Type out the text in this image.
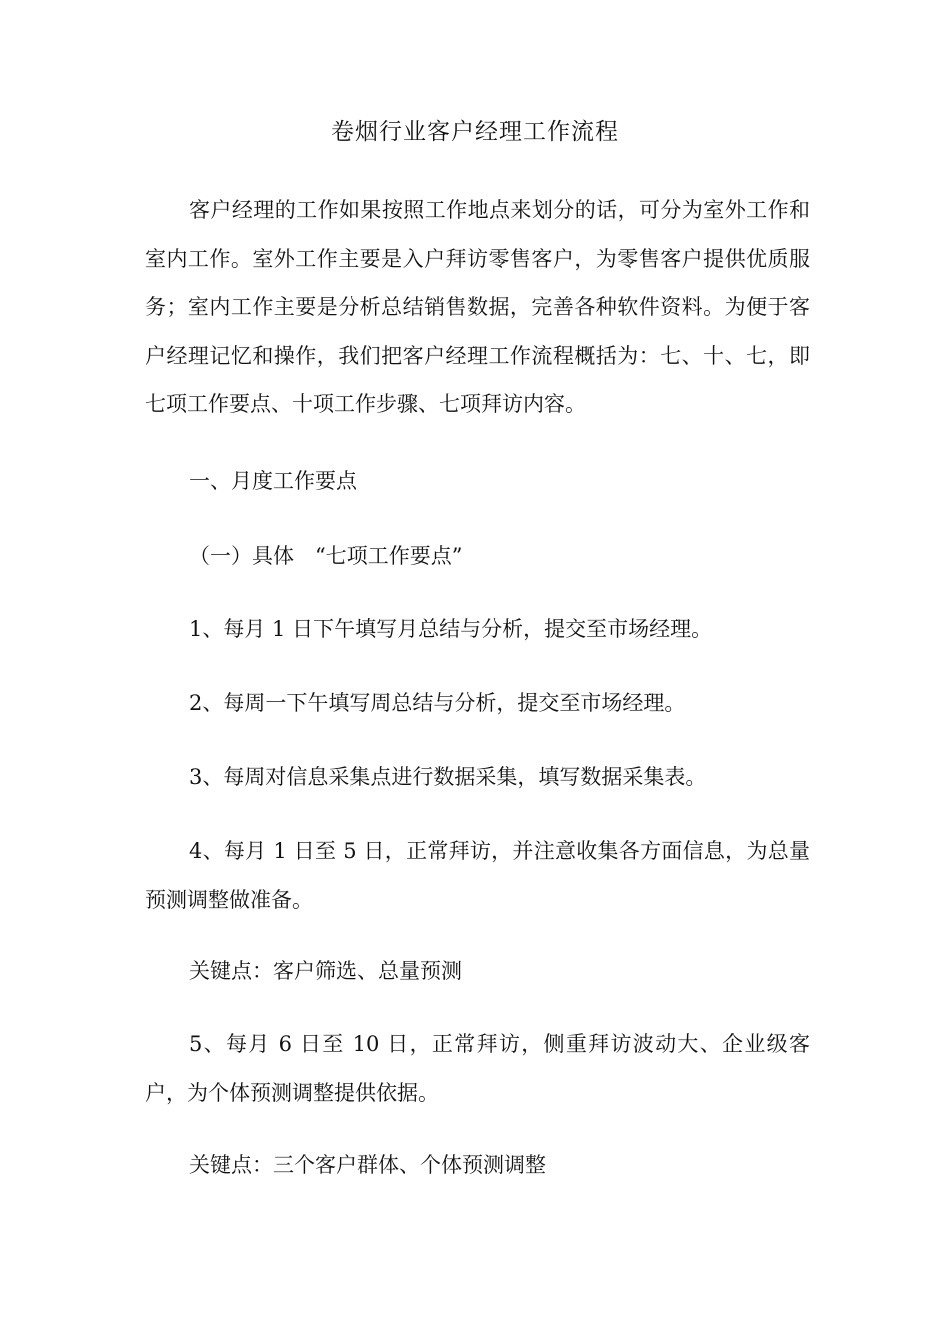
卷烟行业客户经理工作流程

客户经理的工作如果按照工作地点来划分的话，可分为室外工作和室内工作。室外工作主要是入户拜访零售客户，为零售客户提供优质服务；室内工作主要是分析总结销售数据，完善各种软件资料。为便于客户经理记忆和操作，我们把客户经理工作流程概括为：七、十、七，即七项工作要点、十项工作步骤、七项拜访内容。

一、月度工作要点

（一）具体　“七项工作要点”

1、每月 1 日下午填写月总结与分析，提交至市场经理。

2、每周一下午填写周总结与分析，提交至市场经理。

3、每周对信息采集点进行数据采集，填写数据采集表。

4、每月 1 日至 5 日，正常拜访，并注意收集各方面信息，为总量预测调整做准备。

关键点：客户筛选、总量预测

5、每月 6 日至 10 日，正常拜访，侧重拜访波动大、企业级客户，为个体预测调整提供依据。

关键点：三个客户群体、个体预测调整
